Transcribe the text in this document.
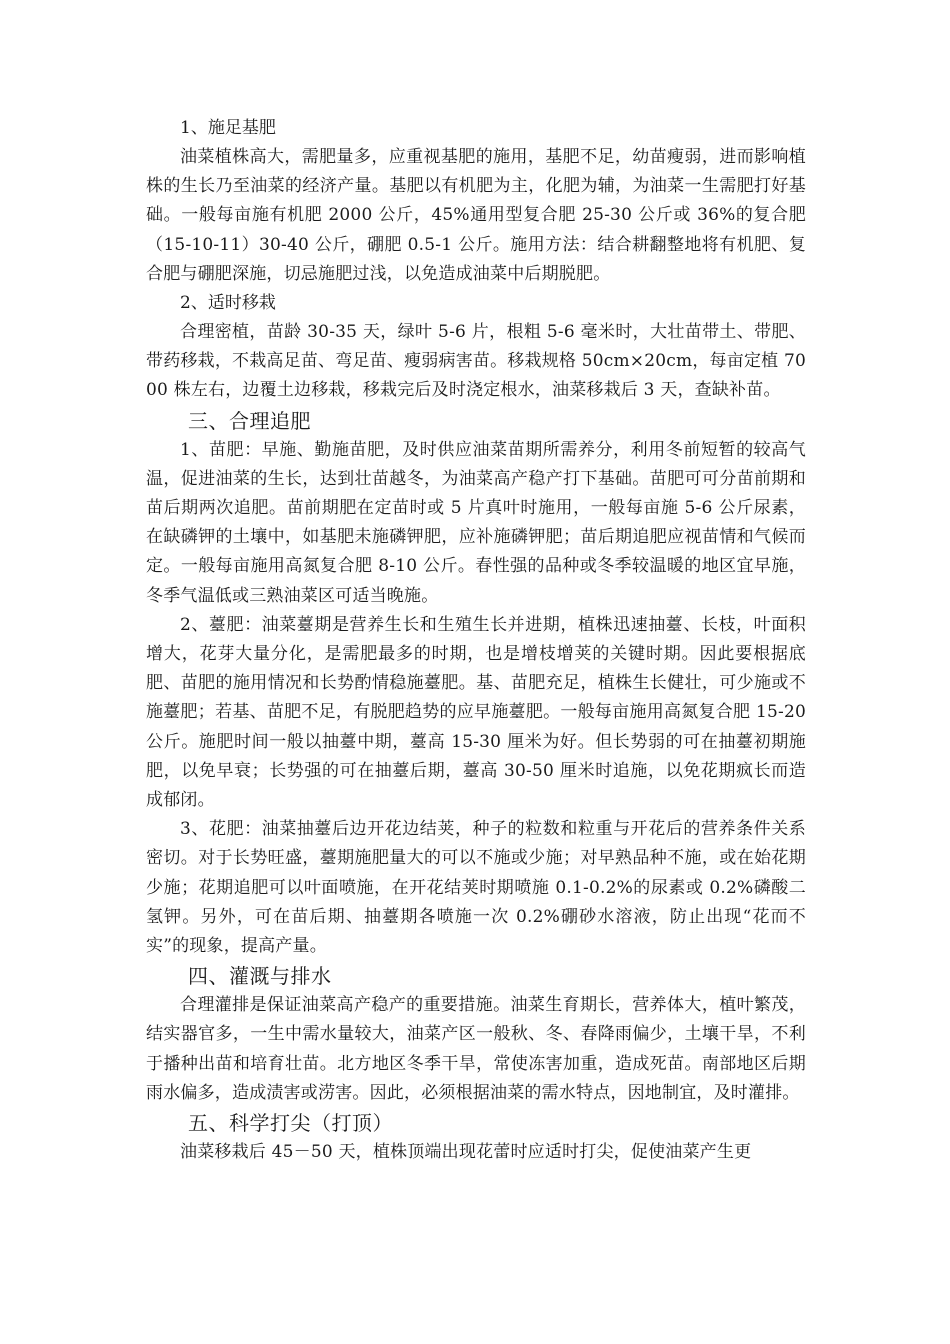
1、施足基肥

油菜植株高大，需肥量多，应重视基肥的施用，基肥不足，幼苗瘦弱，进而影响植株的生长乃至油菜的经济产量。基肥以有机肥为主，化肥为辅，为油菜一生需肥打好基础。一般每亩施有机肥 2000 公斤，45%通用型复合肥 25-30 公斤或 36%的复合肥（15-10-11）30-40 公斤，硼肥 0.5-1 公斤。施用方法：结合耕翻整地将有机肥、复合肥与硼肥深施，切忌施肥过浅，以免造成油菜中后期脱肥。

2、适时移栽

合理密植，苗龄 30-35 天，绿叶 5-6 片，根粗 5-6 毫米时，大壮苗带土、带肥、带药移栽，不栽高足苗、弯足苗、瘦弱病害苗。移栽规格 50cm×20cm，每亩定植 7000 株左右，边覆土边移栽，移栽完后及时浇定根水，油菜移栽后 3 天，查缺补苗。

三、合理追肥

1、苗肥：早施、勤施苗肥，及时供应油菜苗期所需养分，利用冬前短暂的较高气温，促进油菜的生长，达到壮苗越冬，为油菜高产稳产打下基础。苗肥可可分苗前期和苗后期两次追肥。苗前期肥在定苗时或 5 片真叶时施用，一般每亩施 5-6 公斤尿素，在缺磷钾的土壤中，如基肥未施磷钾肥，应补施磷钾肥；苗后期追肥应视苗情和气候而定。一般每亩施用高氮复合肥 8-10 公斤。春性强的品种或冬季较温暖的地区宜早施，冬季气温低或三熟油菜区可适当晚施。

2、薹肥：油菜薹期是营养生长和生殖生长并进期，植株迅速抽薹、长枝，叶面积增大，花芽大量分化，是需肥最多的时期，也是增枝增荚的关键时期。因此要根据底肥、苗肥的施用情况和长势酌情稳施薹肥。基、苗肥充足，植株生长健壮，可少施或不施薹肥；若基、苗肥不足，有脱肥趋势的应早施薹肥。一般每亩施用高氮复合肥 15-20 公斤。施肥时间一般以抽薹中期，薹高 15-30 厘米为好。但长势弱的可在抽薹初期施肥，以免早衰；长势强的可在抽薹后期，薹高 30-50 厘米时追施，以免花期疯长而造成郁闭。

3、花肥：油菜抽薹后边开花边结荚，种子的粒数和粒重与开花后的营养条件关系密切。对于长势旺盛，薹期施肥量大的可以不施或少施；对早熟品种不施，或在始花期少施；花期追肥可以叶面喷施，在开花结荚时期喷施 0.1-0.2%的尿素或 0.2%磷酸二氢钾。另外，可在苗后期、抽薹期各喷施一次 0.2%硼砂水溶液，防止出现“花而不实”的现象，提高产量。

四、灌溉与排水

合理灌排是保证油菜高产稳产的重要措施。油菜生育期长，营养体大，植叶繁茂，结实器官多，一生中需水量较大，油菜产区一般秋、冬、春降雨偏少，土壤干旱，不利于播种出苗和培育壮苗。北方地区冬季干旱，常使冻害加重，造成死苗。南部地区后期雨水偏多，造成渍害或涝害。因此，必须根据油菜的需水特点，因地制宜，及时灌排。

五、科学打尖（打顶）

油菜移栽后 45－50 天，植株顶端出现花蕾时应适时打尖，促使油菜产生更
